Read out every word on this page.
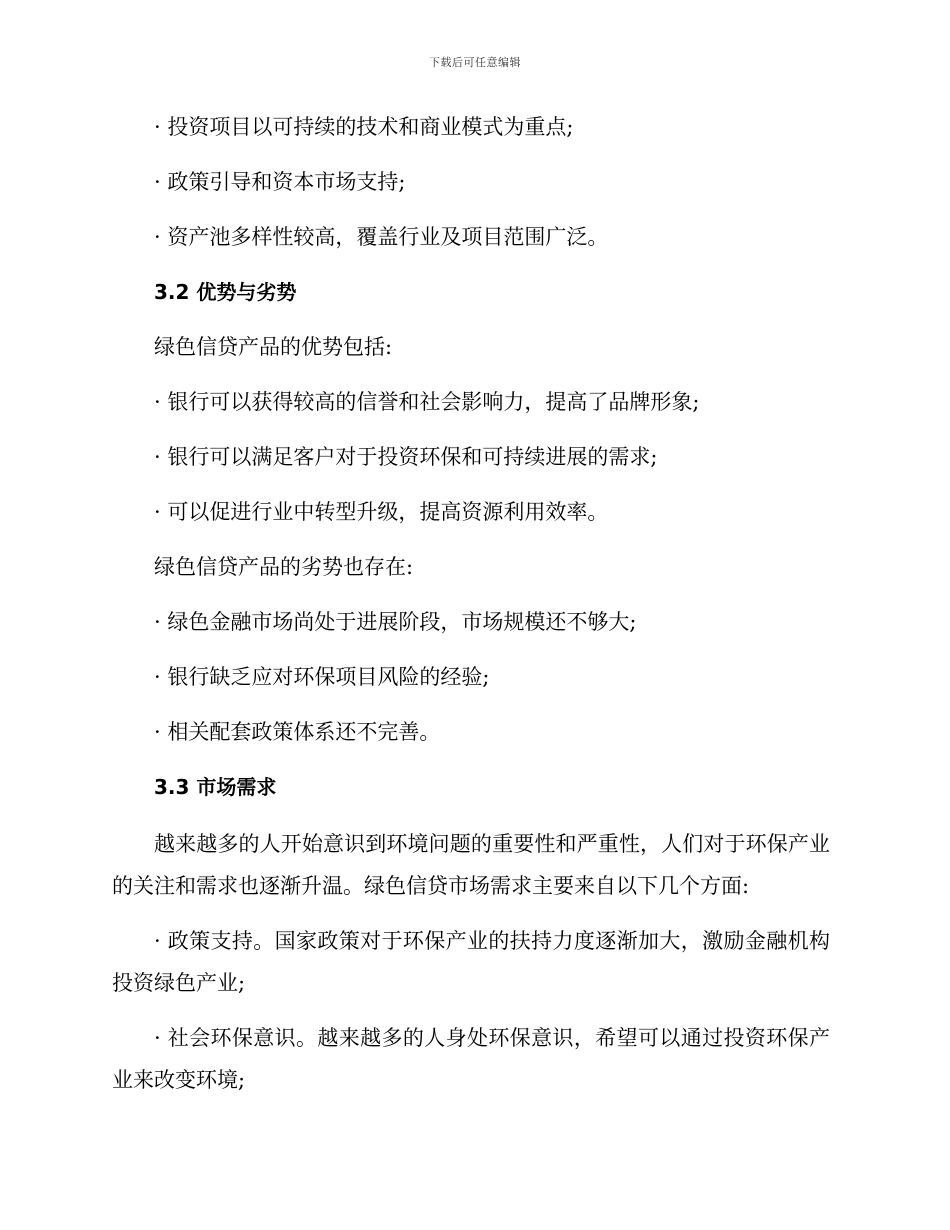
下载后可任意编辑
· 投资项目以可持续的技术和商业模式为重点;
· 政策引导和资本市场支持;
· 资产池多样性较高，覆盖行业及项目范围广泛。
3.2 优势与劣势
绿色信贷产品的优势包括:
· 银行可以获得较高的信誉和社会影响力，提高了品牌形象;
· 银行可以满足客户对于投资环保和可持续进展的需求;
· 可以促进行业中转型升级，提高资源利用效率。
绿色信贷产品的劣势也存在:
· 绿色金融市场尚处于进展阶段，市场规模还不够大;
· 银行缺乏应对环保项目风险的经验;
· 相关配套政策体系还不完善。
3.3 市场需求
越来越多的人开始意识到环境问题的重要性和严重性，人们对于环保产业的关注和需求也逐渐升温。绿色信贷市场需求主要来自以下几个方面:
· 政策支持。国家政策对于环保产业的扶持力度逐渐加大，激励金融机构投资绿色产业;
· 社会环保意识。越来越多的人身处环保意识，希望可以通过投资环保产业来改变环境;
